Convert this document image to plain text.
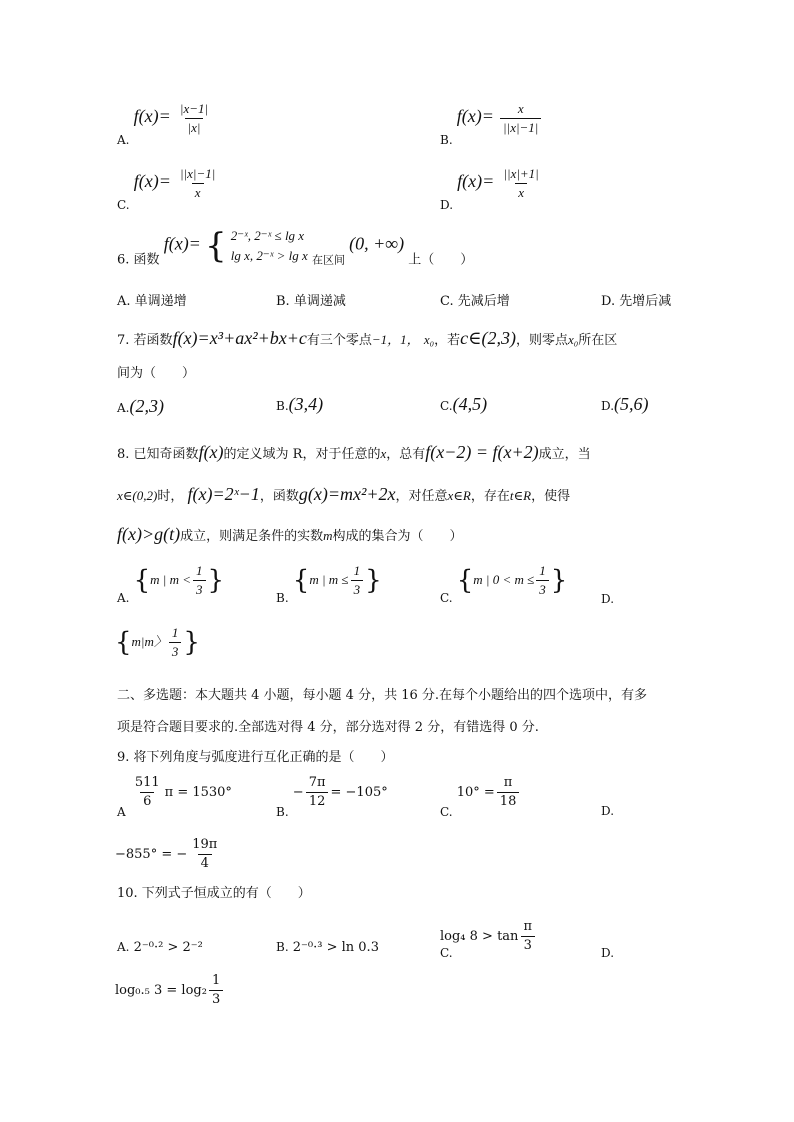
A. $f(x)= \frac{|x-1|}{|x|}$
B. $f(x)= \frac{x}{||x|-1|}$
C. $f(x)= \frac{||x|-1|}{x}$
D. $f(x)= \frac{||x|+1|}{x}$
6. 函数 f(x)= { 2⁻ˣ, 2⁻ˣ ≤ lg x
lg x, 2⁻ˣ > lg x $_{在区间}$ (0, +∞) 上（　　）
A. 单调递增	B. 单调递减	C. 先减后增	D. 先增后减
7. 若函数f(x)=x³+ax²+bx+c有三个零点−1，1， x₀，若c∈(2,3)，则零点x₀所在区
间为（　　）
A.(2,3)	B.(3,4)	C.(4,5)	D.(5,6)
8. 已知奇函数f(x)的定义域为 R，对于任意的x，总有f(x−2) = f(x+2)成立，当
x∈(0,2)时， f(x)=2ˣ−1，函数g(x)=mx²+2x，对任意x∈R，存在t∈R，使得
f(x)>g(t)成立，则满足条件的实数m构成的集合为（　　）
A. {m | $m < \frac{1}{3}$ }
B. {m | $m \le \frac{1}{3}$ }
C. {m | $0 < m \le \frac{1}{3}$ }
D.
{m|m〉 $\frac{1}{3}$ }
二、多选题：本大题共 4 小题，每小题 4 分，共 16 分.在每个小题给出的四个选项中，有多
项是符合题目要求的.全部选对得 4 分，部分选对得 2 分，有错选得 0 分.
9. 将下列角度与弧度进行互化正确的是（　　）
A
$\frac{511}{6}$ π = 1530°
B. − $\frac{7\pi}{12} = -105^\circ$
C. $10^\circ = \frac{\pi}{18}$	D.
−855° = − $\frac{19\pi}{4}$
10. 下列式子恒成立的有（　　）
A. 2⁻⁰·² > 2⁻²	B. 2⁻⁰·³ > ln 0.3
log₄ $8 > \tan \frac{\pi}{3}$
C.	D.
log₀.₅ $3 = \log_2 \frac{1}{3}$
